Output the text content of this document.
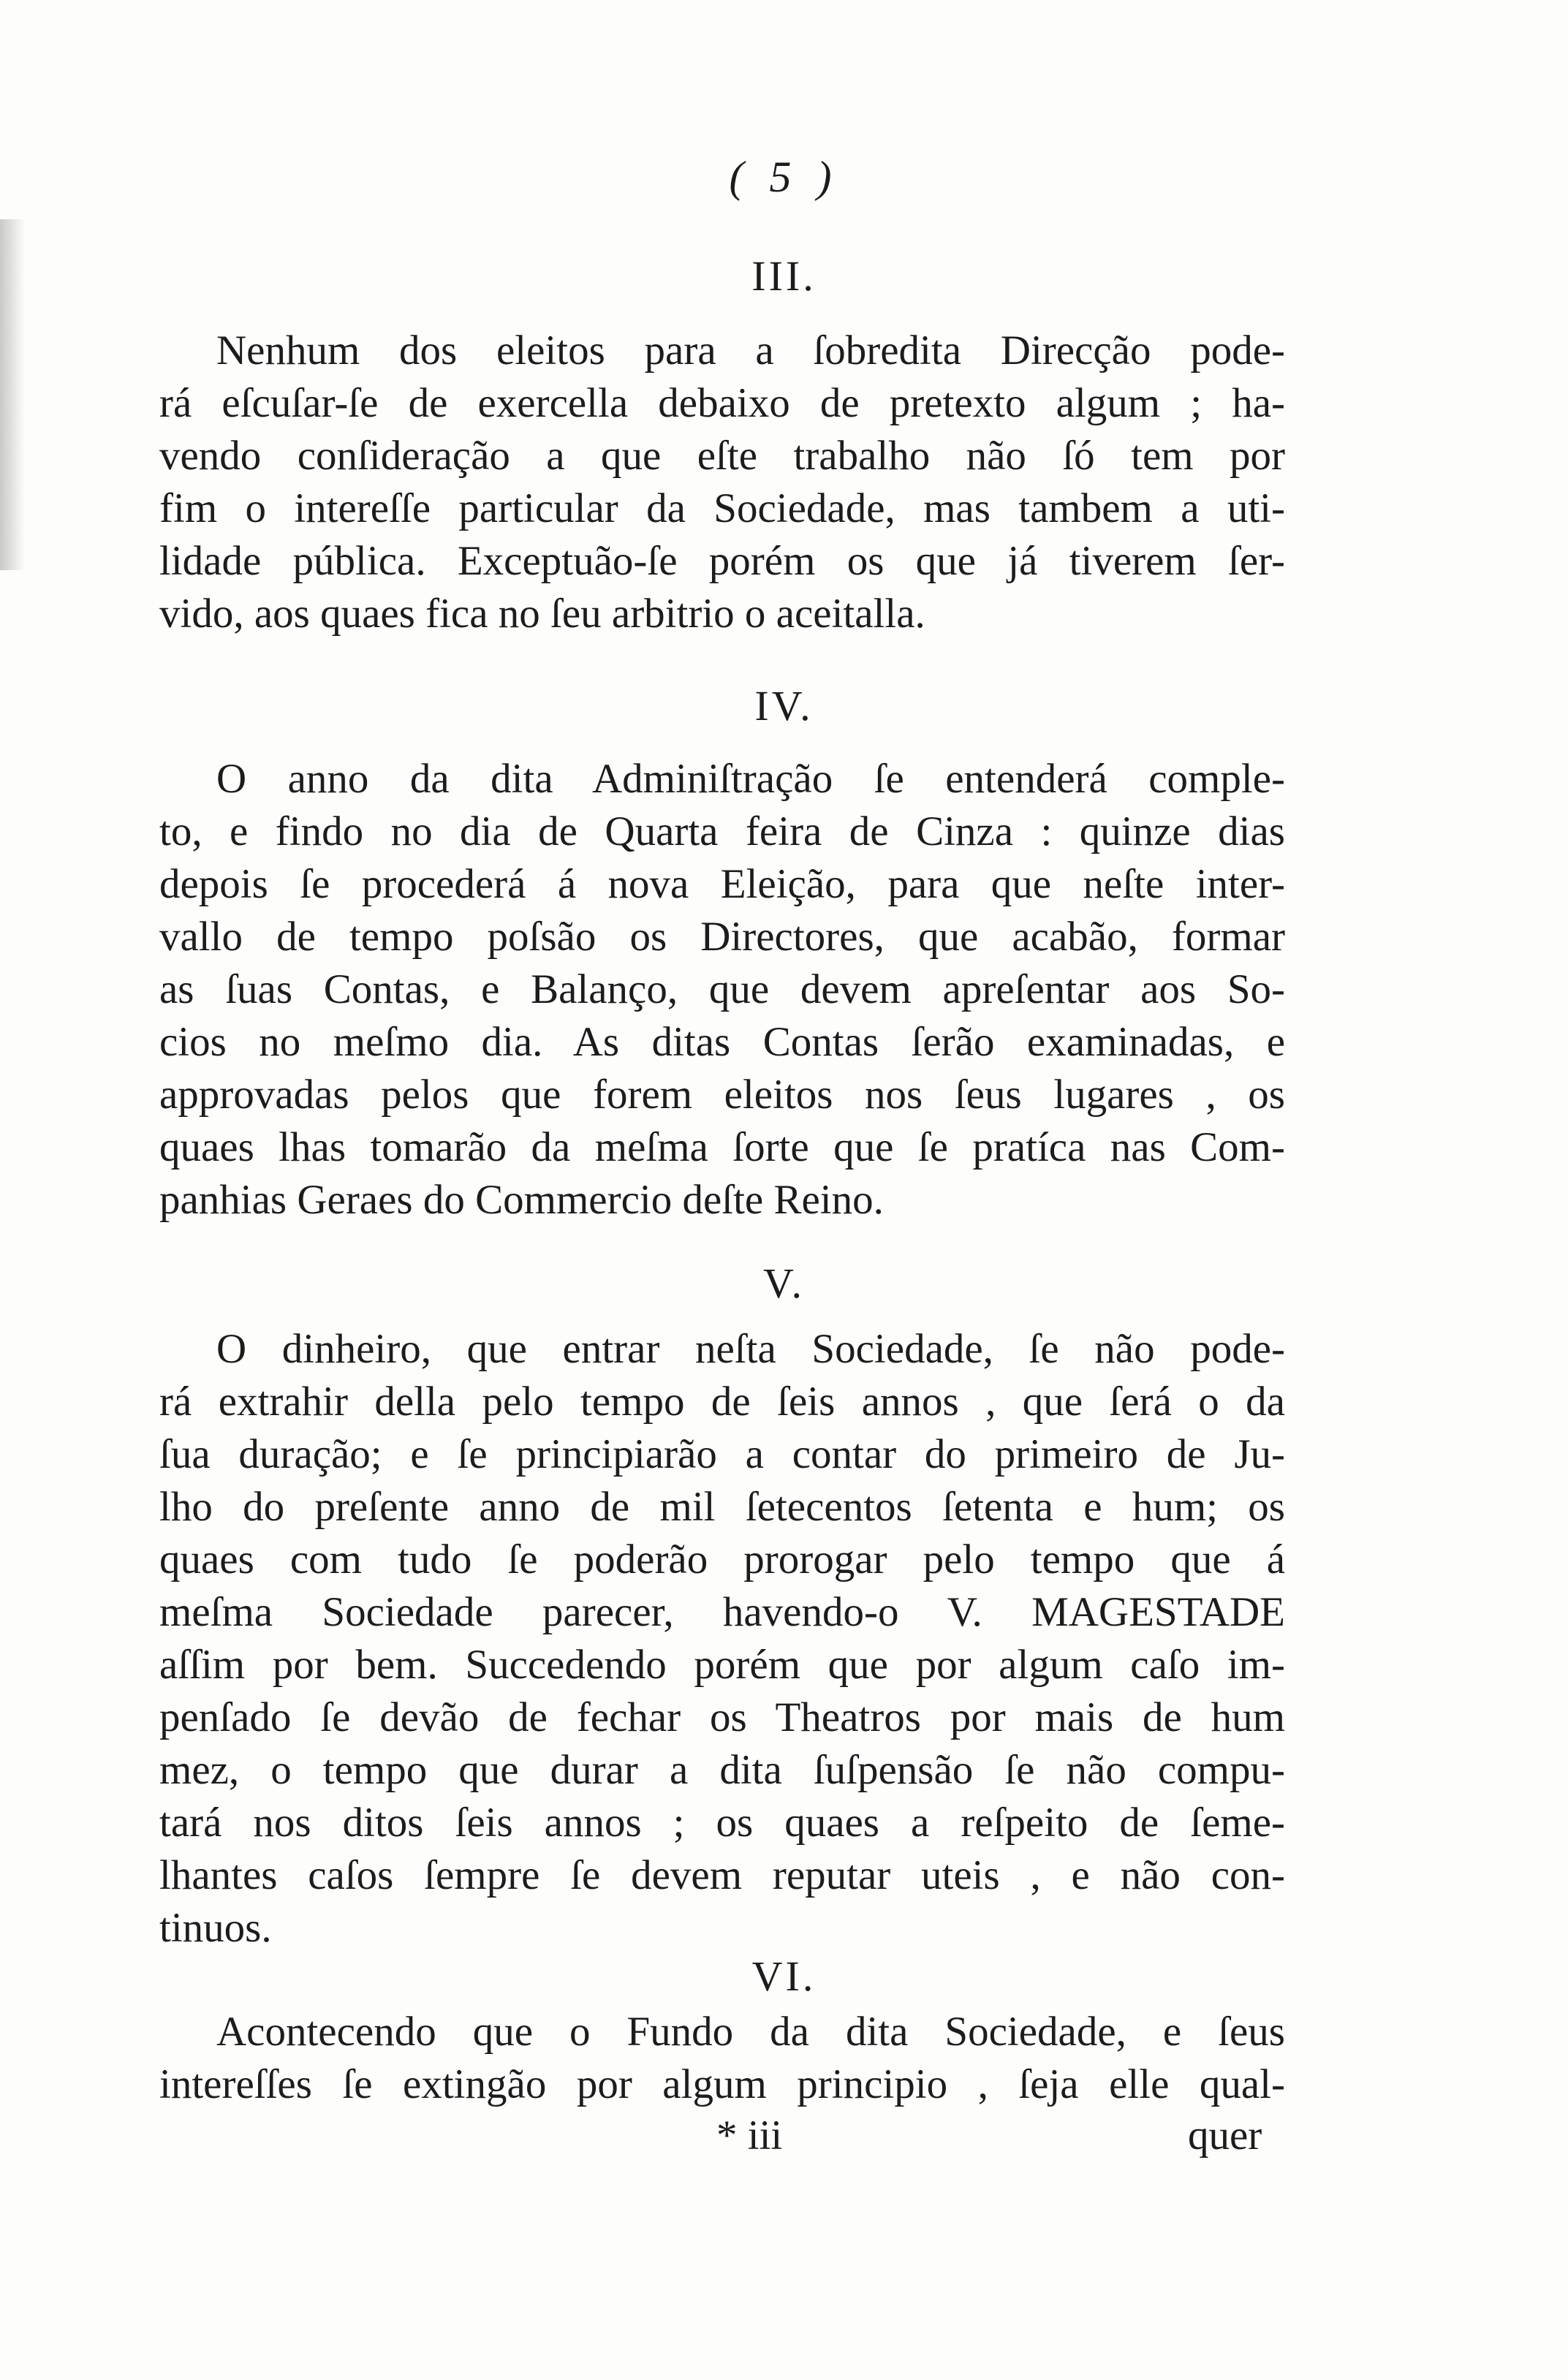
( 5 )
III.
Nenhum dos eleitos para a ſobredita Direcção pode-
rá eſcuſar-ſe de exercella debaixo de pretexto algum ; ha-
vendo conſideração a que eſte trabalho não ſó tem por
fim o intereſſe particular da Sociedade, mas tambem a uti-
lidade pública. Exceptuão-ſe porém os que já tiverem ſer-
vido, aos quaes fica no ſeu arbitrio o aceitalla.
IV.
O anno da dita Adminiſtração ſe entenderá comple-
to, e findo no dia de Quarta feira de Cinza : quinze dias
depois ſe procederá á nova Eleição, para que neſte inter-
vallo de tempo poſsão os Directores, que acabão, formar
as ſuas Contas, e Balanço, que devem apreſentar aos So-
cios no meſmo dia. As ditas Contas ſerão examinadas, e
approvadas pelos que forem eleitos nos ſeus lugares , os
quaes lhas tomarão da meſma ſorte que ſe pratíca nas Com-
panhias Geraes do Commercio deſte Reino.
V.
O dinheiro, que entrar neſta Sociedade, ſe não pode-
rá extrahir della pelo tempo de ſeis annos , que ſerá o da
ſua duração; e ſe principiarão a contar do primeiro de Ju-
lho do preſente anno de mil ſetecentos ſetenta e hum; os
quaes com tudo ſe poderão prorogar pelo tempo que á
meſma Sociedade parecer, havendo-o V. MAGESTADE
aſſim por bem. Succedendo porém que por algum caſo im-
penſado ſe devão de fechar os Theatros por mais de hum
mez, o tempo que durar a dita ſuſpensão ſe não compu-
tará nos ditos ſeis annos ; os quaes a reſpeito de ſeme-
lhantes caſos ſempre ſe devem reputar uteis , e não con-
tinuos.
VI.
Acontecendo que o Fundo da dita Sociedade, e ſeus
intereſſes ſe extingão por algum principio , ſeja elle qual-
* iii	quer
